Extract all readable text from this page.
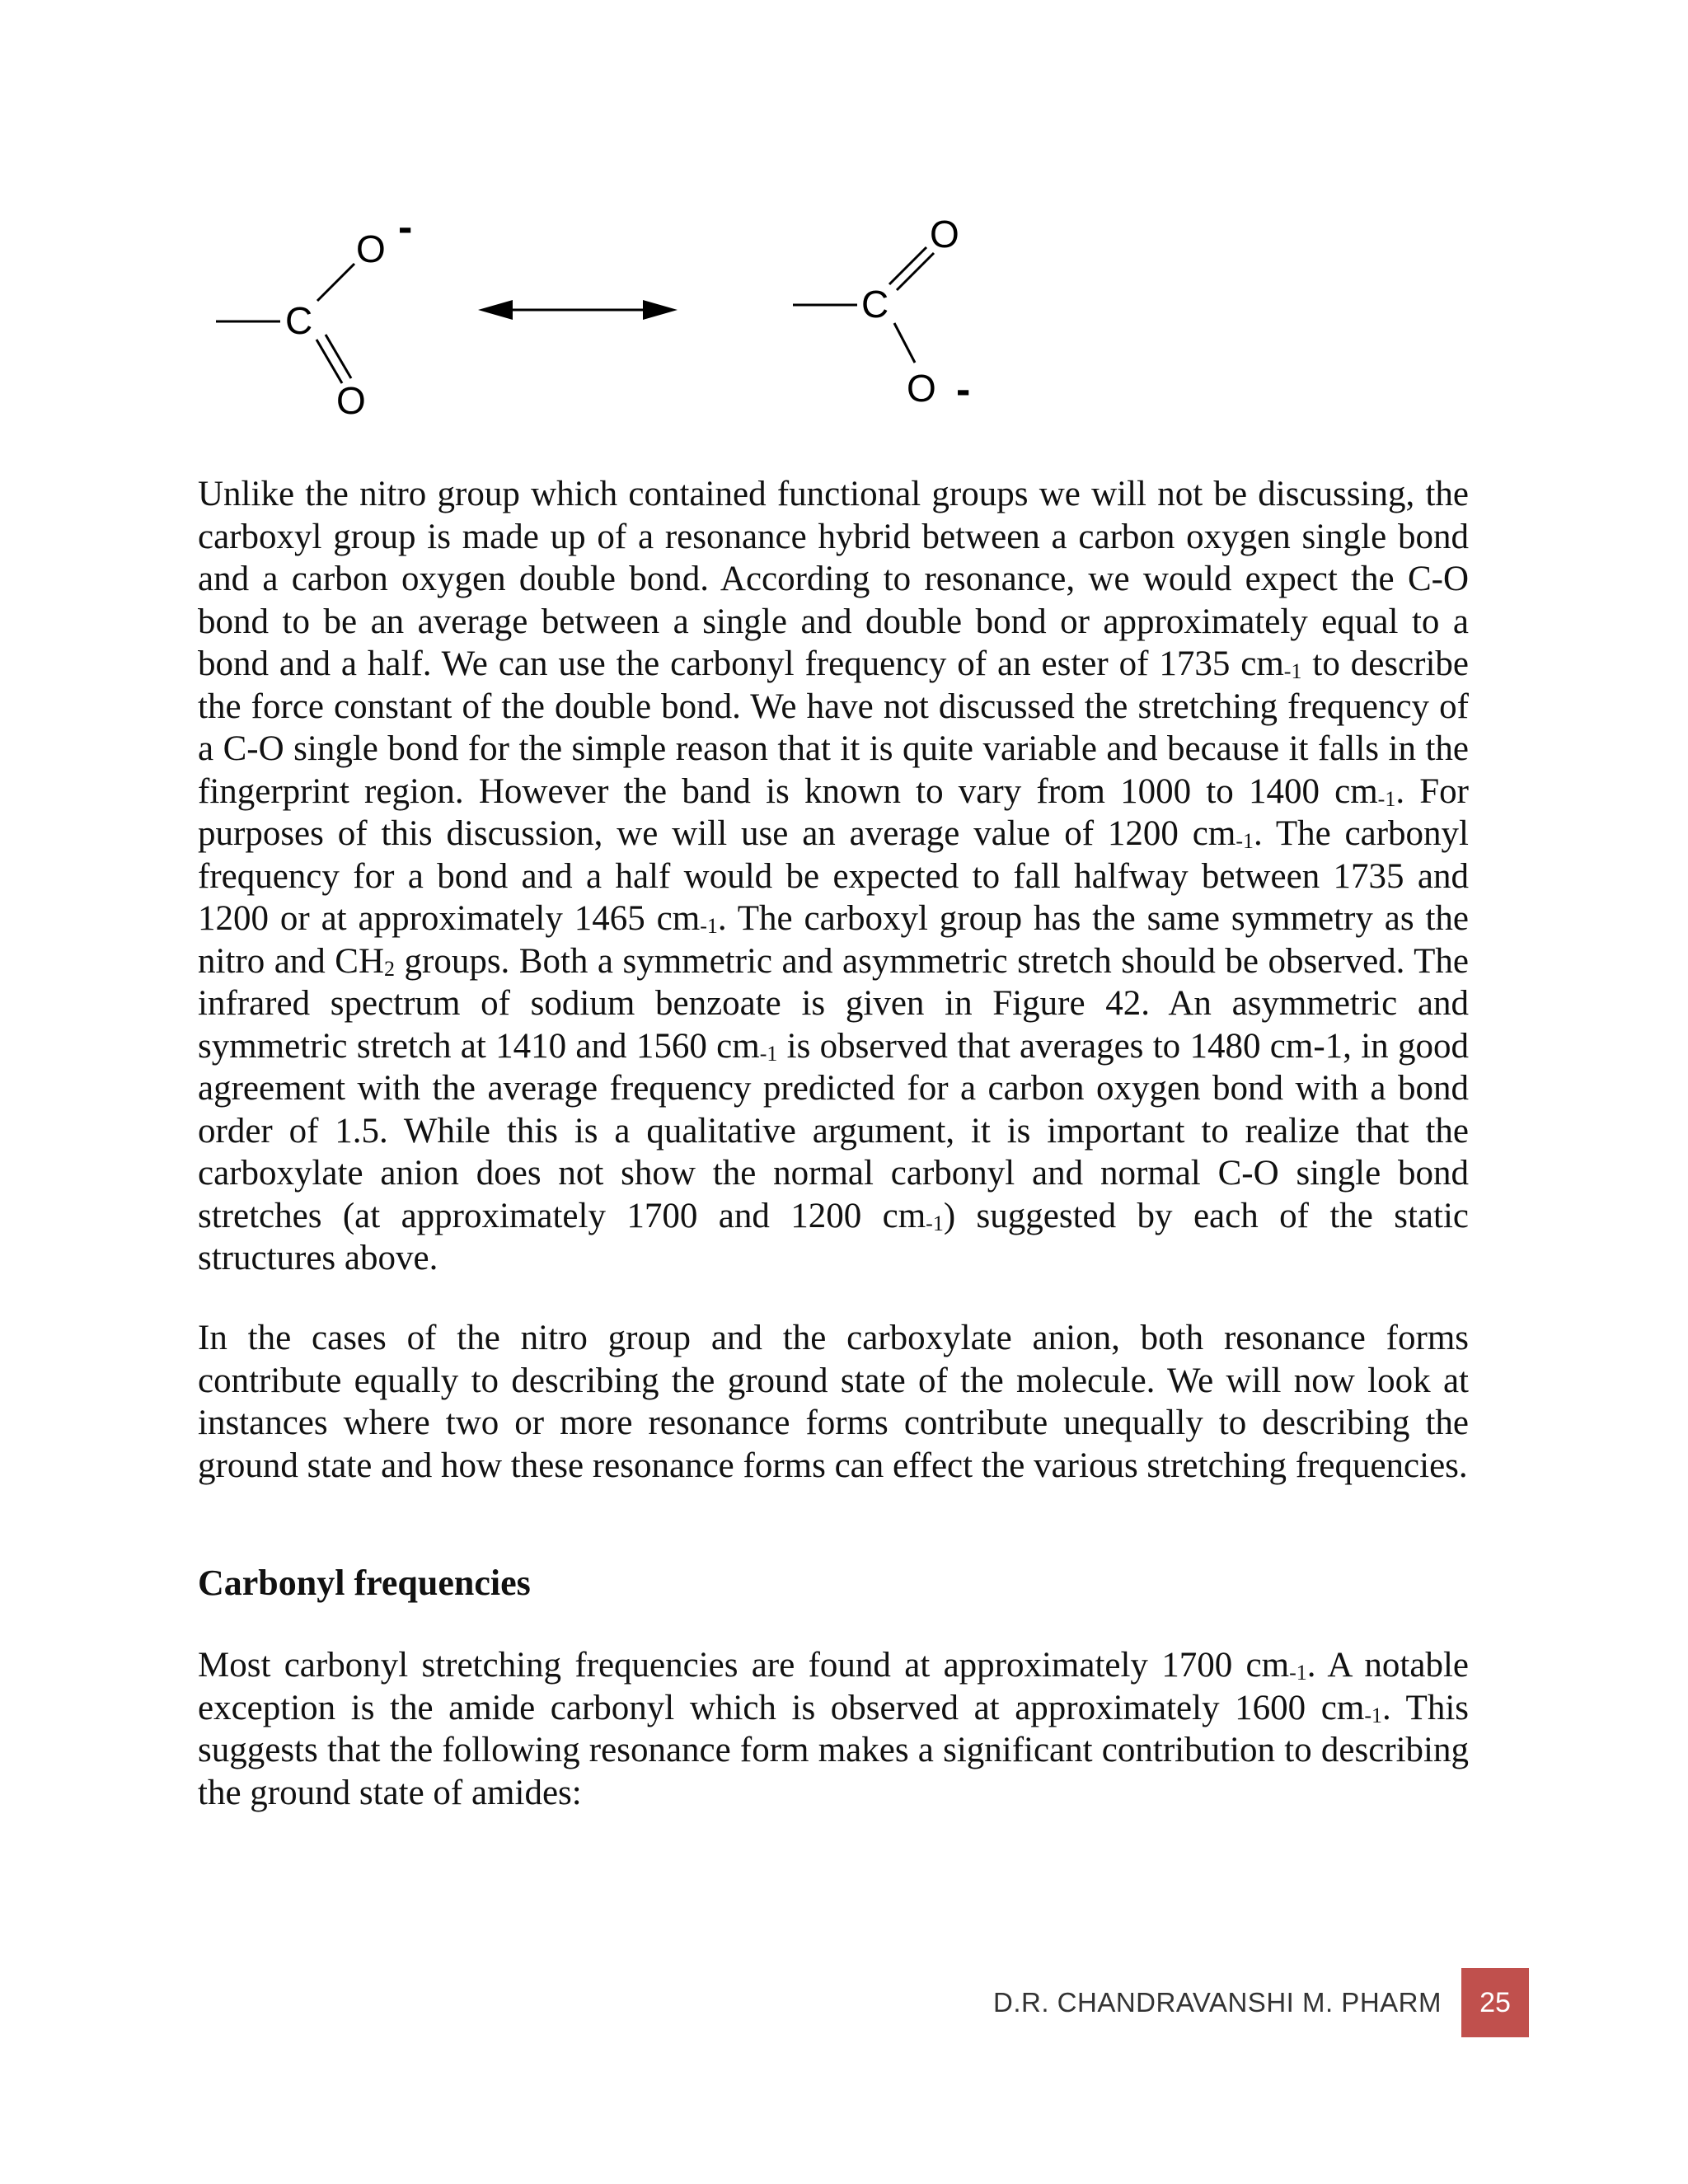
C
O -
O
C
O
O -

Unlike the nitro group which contained functional groups we will not be discussing, the carboxyl group is made up of a resonance hybrid between a carbon oxygen single bond and a carbon oxygen double bond. According to resonance, we would expect the C-O bond to be an average between a single and double bond or approximately equal to a bond and a half. We can use the carbonyl frequency of an ester of 1735 $cm_{-1}$ to describe the force constant of the double bond. We have not discussed the stretching frequency of a C-O single bond for the simple reason that it is quite variable and because it falls in the fingerprint region. However the band is known to vary from 1000 to 1400 $cm_{-1}$. For purposes of this discussion, we will use an average value of 1200 $cm_{-1}$. The carbonyl frequency for a bond and a half would be expected to fall halfway between 1735 and 1200 or at approximately 1465 $cm_{-1}$. The carboxyl group has the same symmetry as the nitro and $CH_2$ groups. Both a symmetric and asymmetric stretch should be observed. The infrared spectrum of sodium benzoate is given in Figure 42. An asymmetric and symmetric stretch at 1410 and 1560 $cm_{-1}$ is observed that averages to 1480 cm-1, in good agreement with the average frequency predicted for a carbon oxygen bond with a bond order of 1.5. While this is a qualitative argument, it is important to realize that the carboxylate anion does not show the normal carbonyl and normal C-O single bond stretches (at approximately 1700 and 1200 $cm_{-1}$) suggested by each of the static structures above.

In the cases of the nitro group and the carboxylate anion, both resonance forms contribute equally to describing the ground state of the molecule. We will now look at instances where two or more resonance forms contribute unequally to describing the ground state and how these resonance forms can effect the various stretching frequencies.

Carbonyl frequencies

Most carbonyl stretching frequencies are found at approximately 1700 $cm_{-1}$. A notable exception is the amide carbonyl which is observed at approximately 1600 $cm_{-1}$. This suggests that the following resonance form makes a significant contribution to describing the ground state of amides:

D.R. CHANDRAVANSHI M. PHARM 25
